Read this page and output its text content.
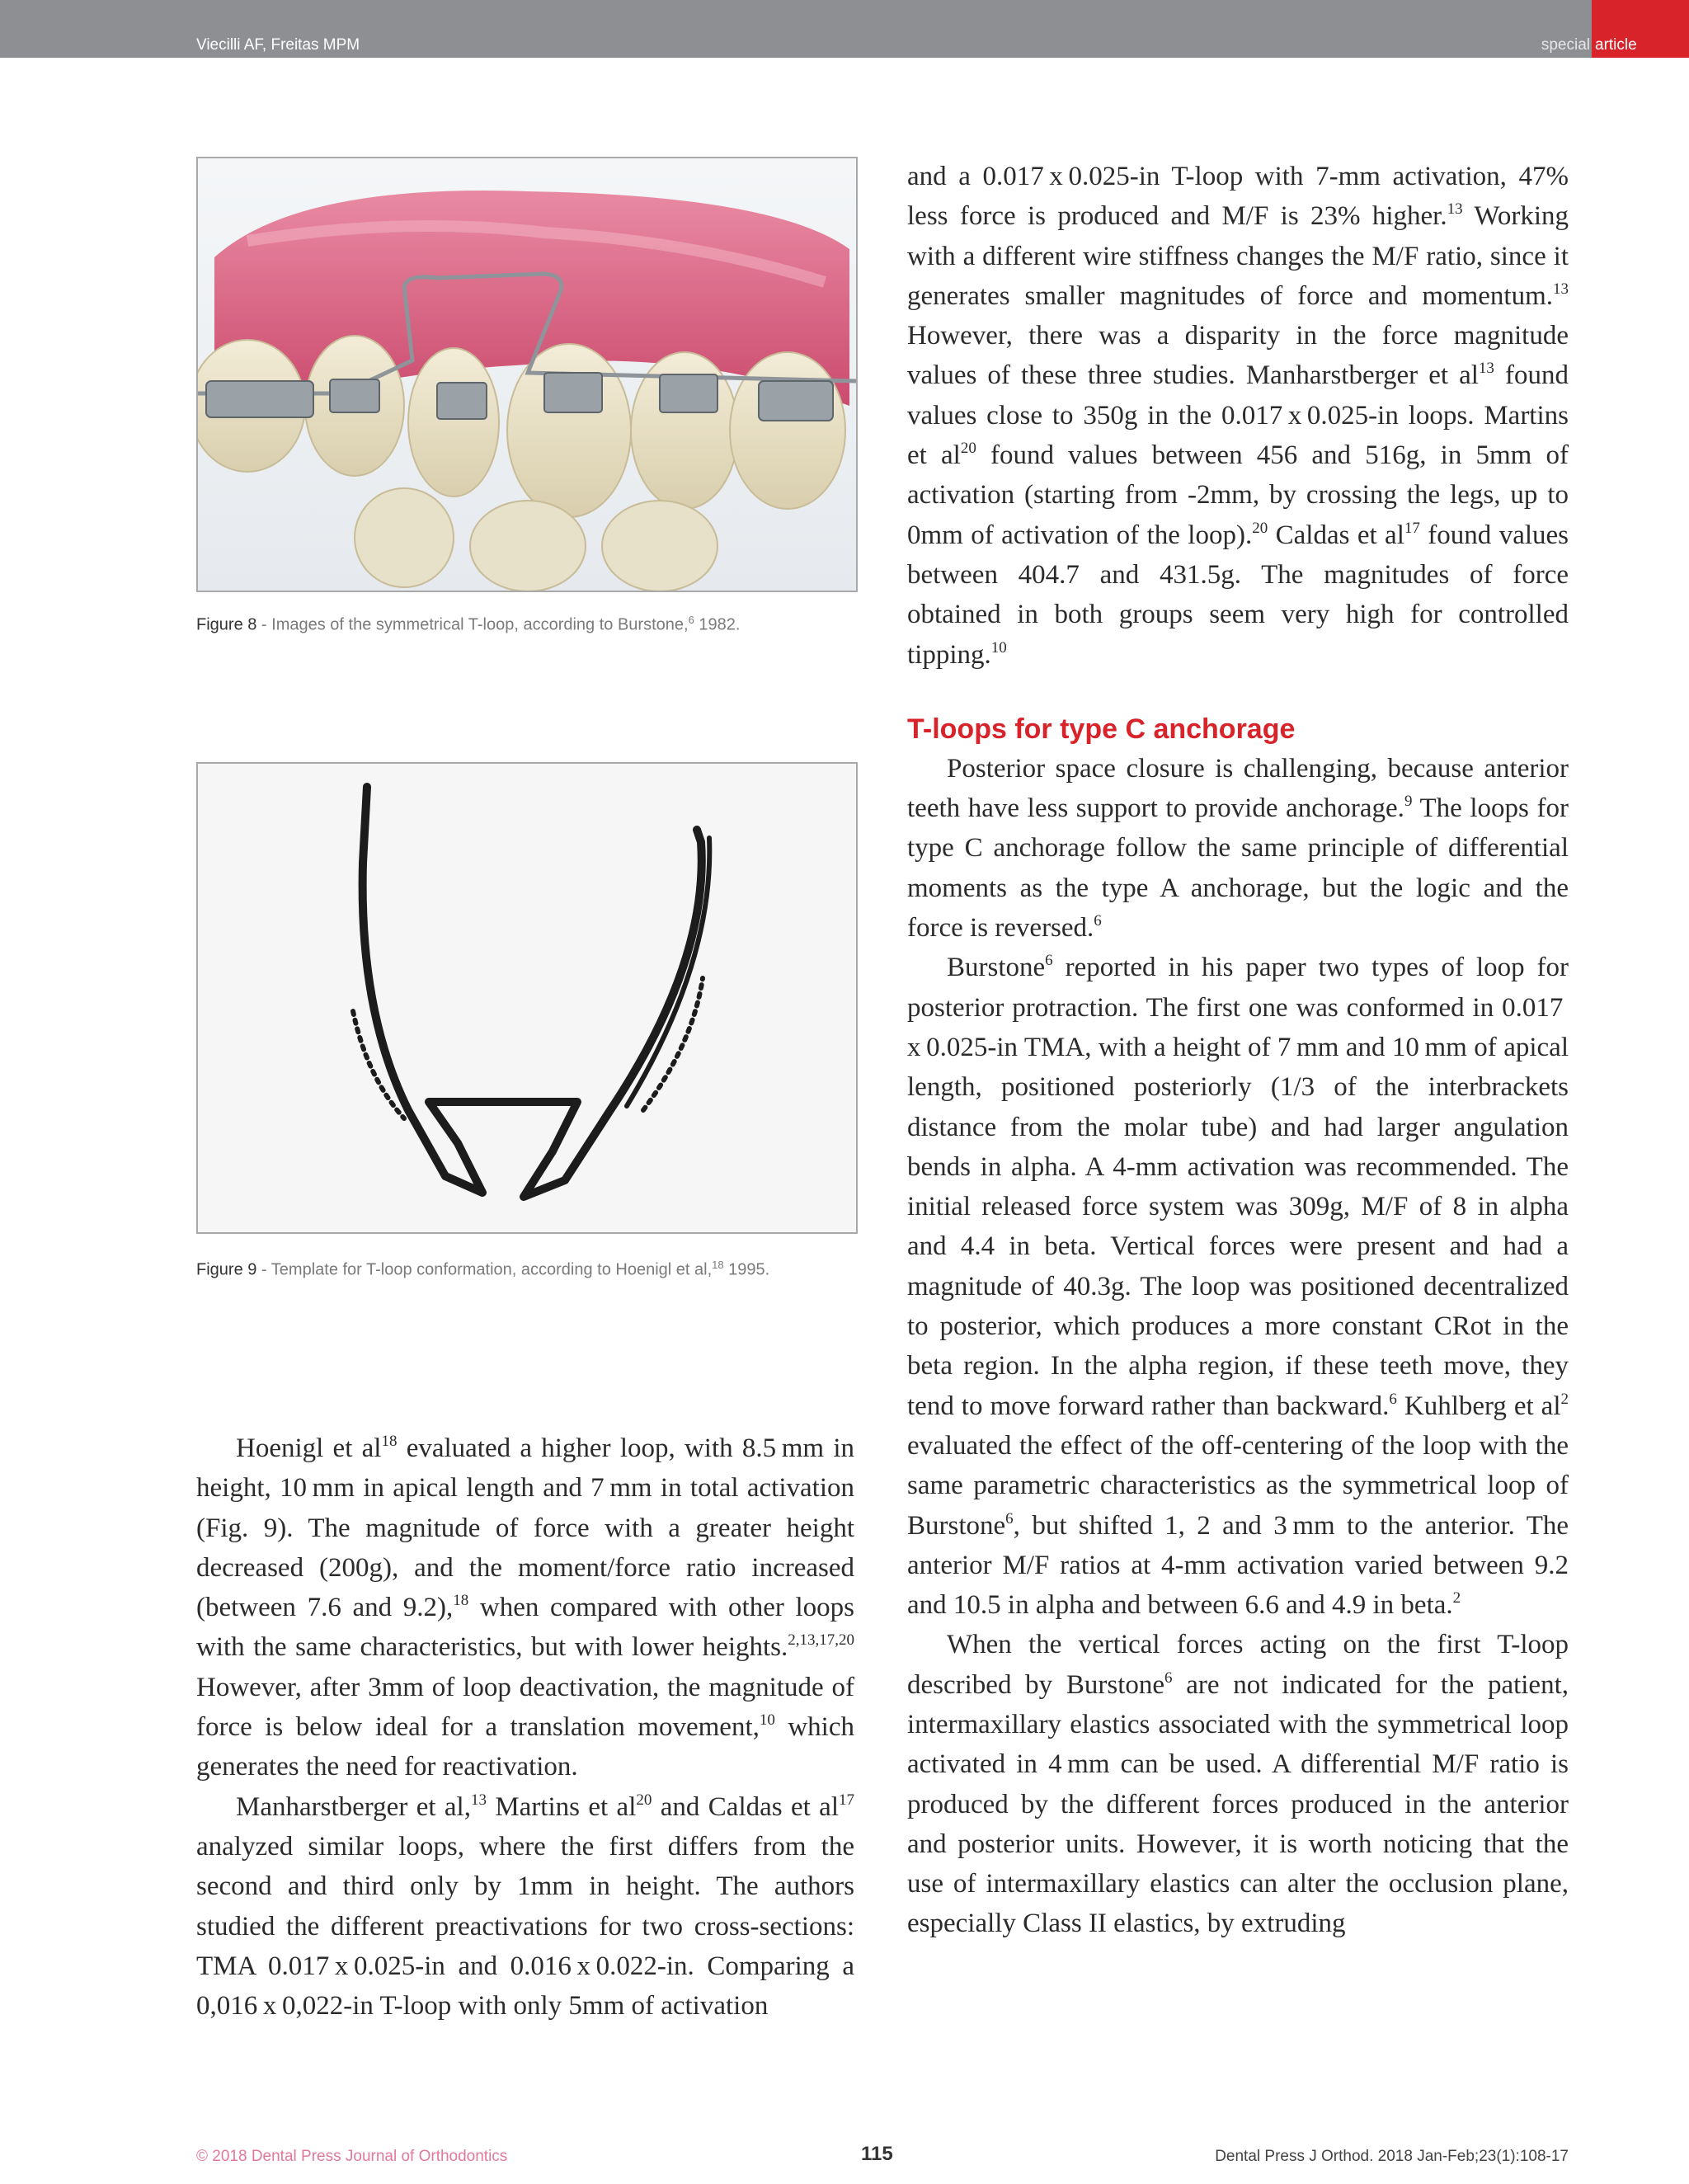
Viecilli AF, Freitas MPM	special article
Figure 8 - Images of the symmetrical T-loop, according to Burstone,$^6$ 1982.
Figure 9 - Template for T-loop conformation, according to Hoenigl et al,$^{18}$ 1995.

Hoenigl et $al^{18}$ evaluated a higher loop, with 8.5 mm in height, 10 mm in apical length and 7 mm in total activation (Fig. 9). The magnitude of force with a greater height decreased (200g), and the moment/force ratio increased (between 7.6 and 9.2),$^{18}$ when compared with other loops with the same characteristics, but with lower heights.$^{2,13,17,20}$ However, after 3mm of loop deactivation, the magnitude of force is below ideal for a translation movement,$^{10}$ which generates the need for reactivation.

Manharstberger et al,$^{13}$ Martins et $al^{20}$ and Caldas et $al^{17}$ analyzed similar loops, where the first differs from the second and third only by 1mm in height. The authors studied the different preactivations for two cross-sections: TMA 0.017 x 0.025-in and 0.016 x 0.022-in. Comparing a 0,016 x 0,022-in T-loop with only 5mm of activation

and a 0.017 x 0.025-in T-loop with 7-mm activation, 47% less force is produced and M/F is 23% higher.$^{13}$ Working with a different wire stiffness changes the M/F ratio, since it generates smaller magnitudes of force and momentum.$^{13}$ However, there was a disparity in the force magnitude values of these three studies. Manharstberger et $al^{13}$ found values close to 350g in the 0.017 x 0.025-in loops. Martins et $al^{20}$ found values between 456 and 516g, in 5mm of activation (starting from -2mm, by crossing the legs, up to 0mm of activation of the loop).$^{20}$ Caldas et $al^{17}$ found values between 404.7 and 431.5g. The magnitudes of force obtained in both groups seem very high for controlled tipping.$^{10}$

T-loops for type C anchorage

Posterior space closure is challenging, because anterior teeth have less support to provide anchorage.$^9$ The loops for type C anchorage follow the same principle of differential moments as the type A anchorage, but the logic and the force is reversed.$^6$

Burstone$^6$ reported in his paper two types of loop for posterior protraction. The first one was conformed in 0.017 x 0.025-in TMA, with a height of 7 mm and 10 mm of apical length, positioned posteriorly (1/3 of the interbrackets distance from the molar tube) and had larger angulation bends in alpha. A 4-mm activation was recommended. The initial released force system was 309g, M/F of 8 in alpha and 4.4 in beta. Vertical forces were present and had a magnitude of 40.3g. The loop was positioned decentralized to posterior, which produces a more constant CRot in the beta region. In the alpha region, if these teeth move, they tend to move forward rather than backward.$^6$ Kuhlberg et $al^2$ evaluated the effect of the off-centering of the loop with the same parametric characteristics as the symmetrical loop of Burstone$^6$, but shifted 1, 2 and 3 mm to the anterior. The anterior M/F ratios at 4-mm activation varied between 9.2 and 10.5 in alpha and between 6.6 and 4.9 in beta.$^2$

When the vertical forces acting on the first T-loop described by Burstone$^6$ are not indicated for the patient, intermaxillary elastics associated with the symmetrical loop activated in 4 mm can be used. A differential M/F ratio is produced by the different forces produced in the anterior and posterior units. However, it is worth noticing that the use of intermaxillary elastics can alter the occlusion plane, especially Class II elastics, by extruding

© 2018 Dental Press Journal of Orthodontics	115	Dental Press J Orthod. 2018 Jan-Feb;23(1):108-17
